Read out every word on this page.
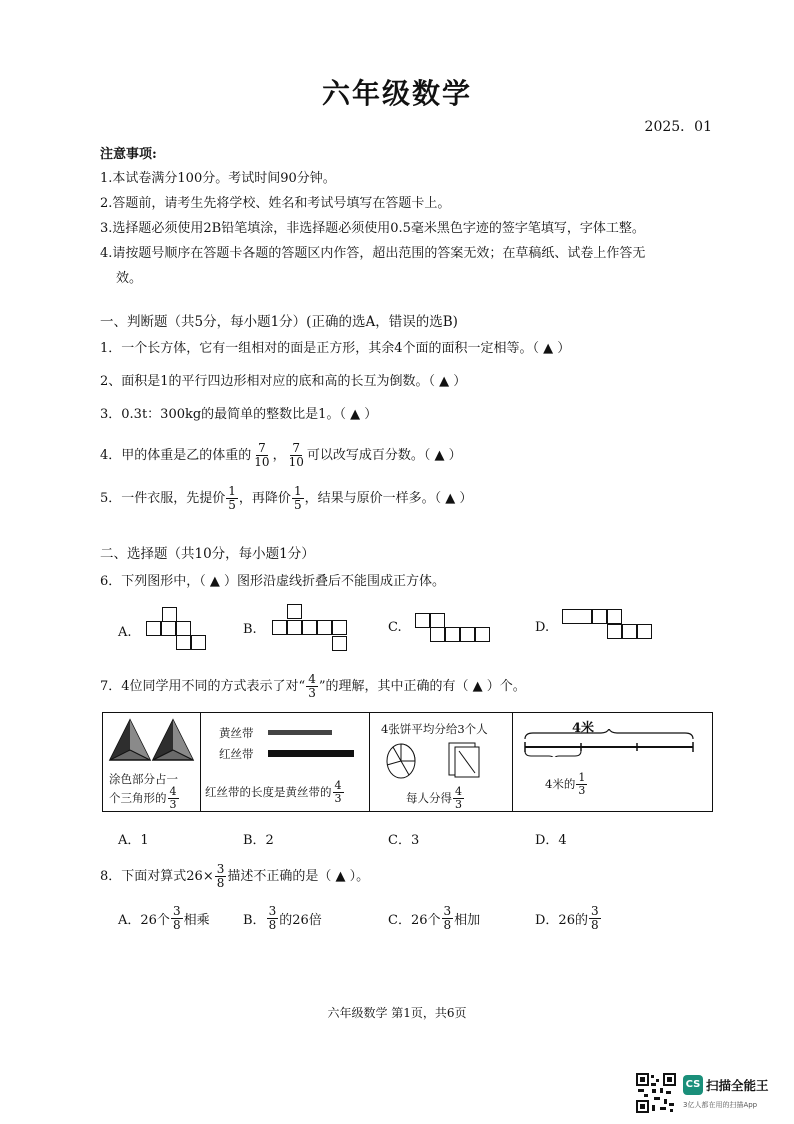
六年级数学
2025．01
注意事项:
1.本试卷满分100分。考试时间90分钟。
2.答题前，请考生先将学校、姓名和考试号填写在答题卡上。
3.选择题必须使用2B铅笔填涂，非选择题必须使用0.5毫米黑色字迹的签字笔填写，字体工整。
4.请按题号顺序在答题卡各题的答题区内作答，超出范围的答案无效；在草稿纸、试卷上作答无
效。
一、判断题（共5分，每小题1分）(正确的选A，错误的选B)
1．一个长方体，它有一组相对的面是正方形，其余4个面的面积一定相等。（ ▲ ）
2、面积是1的平行四边形相对应的底和高的长互为倒数。（ ▲ ）
3．0.3t：300kg的最简单的整数比是1。（ ▲ ）
4．甲的体重是乙的体重的 $\frac{7}{10}$ ， $\frac{7}{10}$ 可以改写成百分数。（ ▲ ）
5．一件衣服，先提价 $\frac{1}{5}$ ，再降价 $\frac{1}{5}$ ，结果与原价一样多。（ ▲ ）
二、选择题（共10分，每小题1分）
6．下列图形中，（ ▲ ）图形沿虚线折叠后不能围成正方体。
A.	B.	C.	D.
7．4位同学用不同的方式表示了对“ $\frac{4}{3}$ ”的理解，其中正确的有（ ▲ ）个。
涂色部分占一
个三角形的 $\frac{4}{3}$
黄丝带
红丝带
红丝带的长度是黄丝带的 $\frac{4}{3}$
4张饼平均分给3个人
每人分得 $\frac{4}{3}$
4米
4米的 $\frac{1}{3}$
A．1	B．2	C．3	D．4
8．下面对算式$26\times \frac{3}{8}$ 描述不正确的是（ ▲ ）。
A．26个 $\frac{3}{8}$ 相乘	B． $\frac{3}{8}$ 的26倍	C．26个 $\frac{3}{8}$ 相加	D．26的 $\frac{3}{8}$
六年级数学 第1页，共6页
CS 扫描全能王
3亿人都在用的扫描App
